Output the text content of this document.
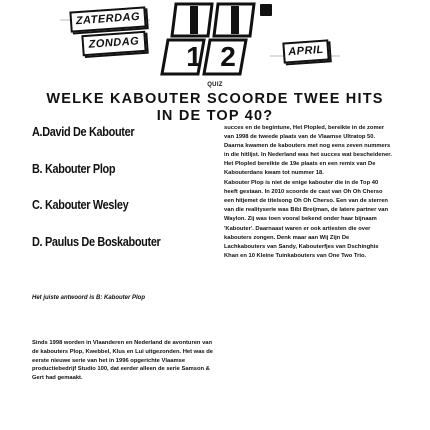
ZATERDAG
ZONDAG 1 2	APRIL
QUIZ
WELKE KABOUTER SCOORDE TWEE HITS
IN DE TOP 40?
A.David De Kabouter
B. Kabouter Plop
C. Kabouter Wesley
D. Paulus De Boskabouter
Het juiste antwoord is B: Kabouter Plop

Sinds 1998 worden in Vlaanderen en Nederland de avonturen van de kabouters Plop, Kwebbel, Klus en Lui uitgezonden. Het was de eerste nieuwe serie van het in 1996 opgerichte Vlaamse productiebedrijf Studio 100, dat eerder alleen de serie Samson & Gert had gemaakt.

succes en de begintune, Het Plopled, bereikte in de zomer van 1998 de tweede plaats van de Vlaamse Ultratop 50. Daarna kwamen de kabouters met nog eens zeven nummers in die hitlijst. In Nederland was het succes wat bescheidener. Het Plopled bereikte de 19e plaats en een remix van De Kabouterdans kwam tot nummer 18.

Kabouter Plop is niet de enige kabouter die in de Top 40 heeft gestaan. In 2010 scoorde de cast van Oh Oh Cherso een hitjemet de titelsong Oh Oh Cherso. Een van de sterren van die realityserie was Bibi Breijman, de latere partner van Waylon. Zij was toen vooral bekend onder haar bijnaam 'Kabouter'. Daarnaast waren er ook artiesten die over kabouters zongen. Denk maar aan Wij Zijn De Lachkabouters van Sandy, Kabouterfjes van Dschinghis Khan en 10 Kleine Tuinkabouters van One Two Trio.
